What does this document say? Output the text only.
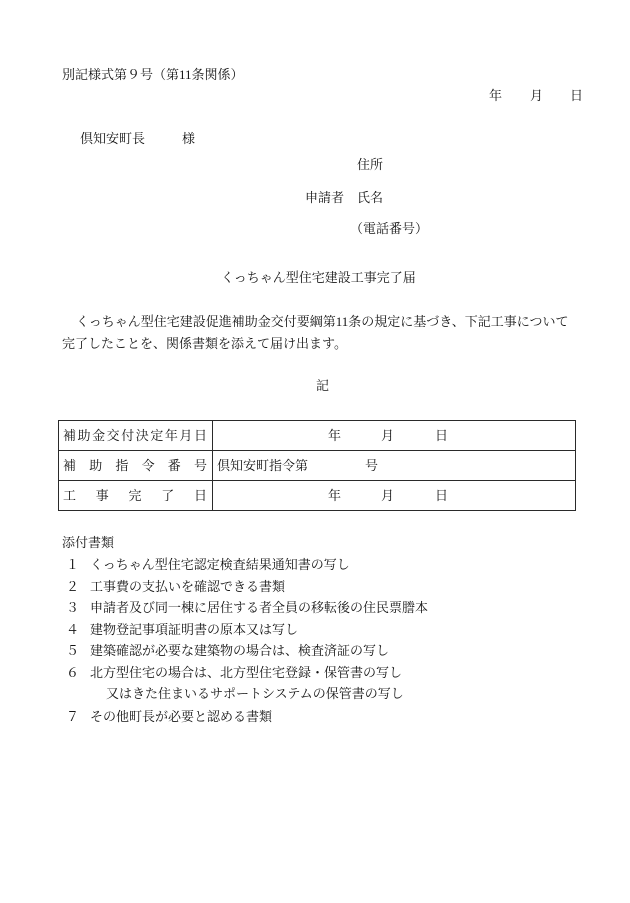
別記様式第９号（第11条関係）
年 月 日
倶知安町長	様
住所
申請者 氏名
（電話番号）
くっちゃん型住宅建設工事完了届
くっちゃん型住宅建設促進補助金交付要綱第11条の規定に基づき、下記工事について
完了したことを、関係書類を添えて届け出ます。
記
補助金交付決定年月日	年	月	日
補助指令番号 倶知安町指令第	号
工事完了日	年	月	日
添付書類
１ くっちゃん型住宅認定検査結果通知書の写し
２ 工事費の支払いを確認できる書類
３ 申請者及び同一棟に居住する者全員の移転後の住民票謄本
４ 建物登記事項証明書の原本又は写し
５ 建築確認が必要な建築物の場合は、検査済証の写し
６ 北方型住宅の場合は、北方型住宅登録・保管書の写し
又はきた住まいるサポートシステムの保管書の写し
７ その他町長が必要と認める書類
